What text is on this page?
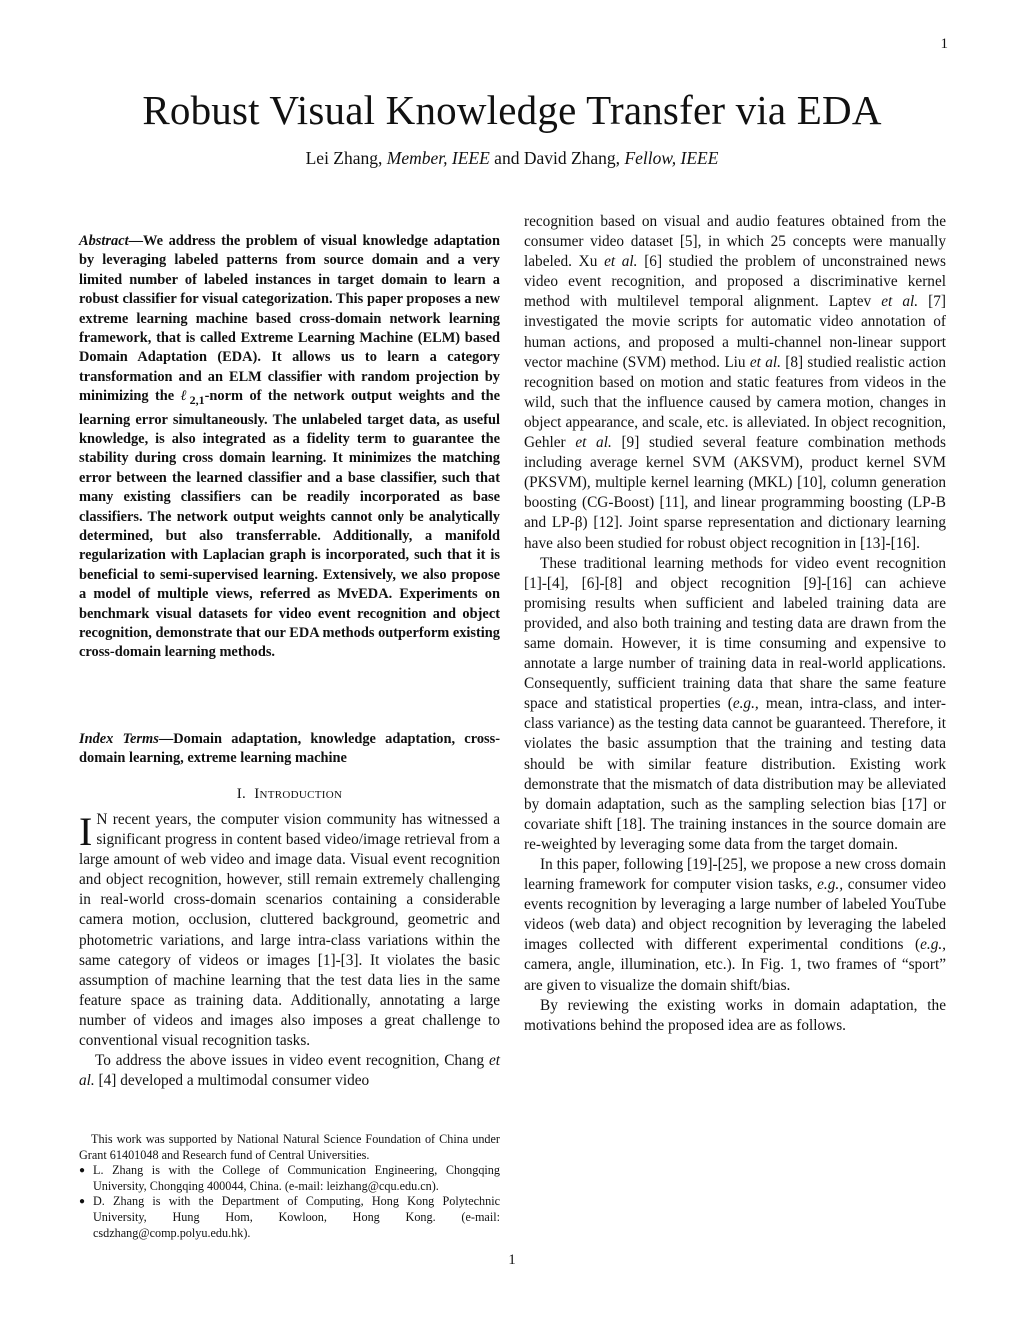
1
Robust Visual Knowledge Transfer via EDA
Lei Zhang, Member, IEEE and David Zhang, Fellow, IEEE
Abstract—We address the problem of visual knowledge adaptation by leveraging labeled patterns from source domain and a very limited number of labeled instances in target domain to learn a robust classifier for visual categorization. This paper proposes a new extreme learning machine based cross-domain network learning framework, that is called Extreme Learning Machine (ELM) based Domain Adaptation (EDA). It allows us to learn a category transformation and an ELM classifier with random projection by minimizing the ℓ$_{2,1}$-norm of the network output weights and the learning error simultaneously. The unlabeled target data, as useful knowledge, is also integrated as a fidelity term to guarantee the stability during cross domain learning. It minimizes the matching error between the learned classifier and a base classifier, such that many existing classifiers can be readily incorporated as base classifiers. The network output weights cannot only be analytically determined, but also transferrable. Additionally, a manifold regularization with Laplacian graph is incorporated, such that it is beneficial to semi-supervised learning. Extensively, we also propose a model of multiple views, referred as MvEDA. Experiments on benchmark visual datasets for video event recognition and object recognition, demonstrate that our EDA methods outperform existing cross-domain learning methods.
Index Terms—Domain adaptation, knowledge adaptation, cross-domain learning, extreme learning machine
I. Introduction

I N recent years, the computer vision community has witnessed a significant progress in content based video/image retrieval from a large amount of web video and image data. Visual event recognition and object recognition, however, still remain extremely challenging in real-world cross-domain scenarios containing a considerable camera motion, occlusion, cluttered background, geometric and photometric variations, and large intra-class variations within the same category of videos or images [1]-[3]. It violates the basic assumption of machine learning that the test data lies in the same feature space as training data. Additionally, annotating a large number of videos and images also imposes a great challenge to conventional visual recognition tasks.

To address the above issues in video event recognition, Chang et al. [4] developed a multimodal consumer video

This work was supported by National Natural Science Foundation of China under Grant 61401048 and Research fund of Central Universities.

● L. Zhang is with the College of Communication Engineering, Chongqing University, Chongqing 400044, China. (e-mail: leizhang@cqu.edu.cn).
● D. Zhang is with the Department of Computing, Hong Kong Polytechnic University, Hung Hom, Kowloon, Hong Kong. (e-mail: csdzhang@comp.polyu.edu.hk).

recognition based on visual and audio features obtained from the consumer video dataset [5], in which 25 concepts were manually labeled. Xu et al. [6] studied the problem of unconstrained news video event recognition, and proposed a discriminative kernel method with multilevel temporal alignment. Laptev et al. [7] investigated the movie scripts for automatic video annotation of human actions, and proposed a multi-channel non-linear support vector machine (SVM) method. Liu et al. [8] studied realistic action recognition based on motion and static features from videos in the wild, such that the influence caused by camera motion, changes in object appearance, and scale, etc. is alleviated. In object recognition, Gehler et al. [9] studied several feature combination methods including average kernel SVM (AKSVM), product kernel SVM (PKSVM), multiple kernel learning (MKL) [10], column generation boosting (CG-Boost) [11], and linear programming boosting (LP-B and LP-β) [12]. Joint sparse representation and dictionary learning have also been studied for robust object recognition in [13]-[16].

These traditional learning methods for video event recognition [1]-[4], [6]-[8] and object recognition [9]-[16] can achieve promising results when sufficient and labeled training data are provided, and also both training and testing data are drawn from the same domain. However, it is time consuming and expensive to annotate a large number of training data in real-world applications. Consequently, sufficient training data that share the same feature space and statistical properties (e.g., mean, intra-class, and inter-class variance) as the testing data cannot be guaranteed. Therefore, it violates the basic assumption that the training and testing data should be with similar feature distribution. Existing work demonstrate that the mismatch of data distribution may be alleviated by domain adaptation, such as the sampling selection bias [17] or covariate shift [18]. The training instances in the source domain are re-weighted by leveraging some data from the target domain.

In this paper, following [19]-[25], we propose a new cross domain learning framework for computer vision tasks, e.g., consumer video events recognition by leveraging a large number of labeled YouTube videos (web data) and object recognition by leveraging the labeled images collected with different experimental conditions (e.g., camera, angle, illumination, etc.). In Fig. 1, two frames of “sport” are given to visualize the domain shift/bias.

By reviewing the existing works in domain adaptation, the motivations behind the proposed idea are as follows.

1
